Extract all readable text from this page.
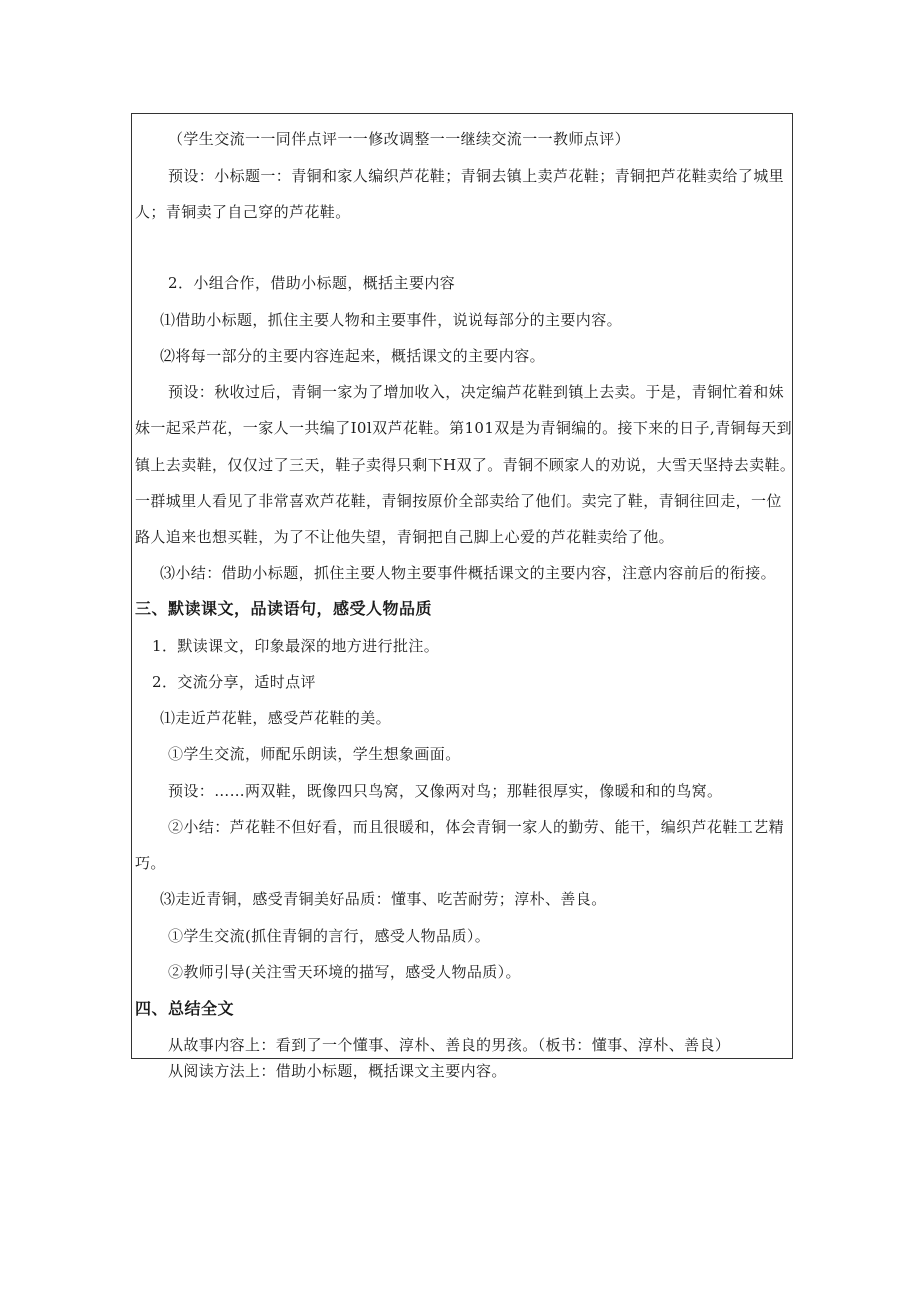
（学生交流一一同伴点评一一修改调整一一继续交流一一教师点评）
预设：小标题一：青铜和家人编织芦花鞋；青铜去镇上卖芦花鞋；青铜把芦花鞋卖给了城里
人；青铜卖了自己穿的芦花鞋。
2．小组合作，借助小标题，概括主要内容
⑴借助小标题，抓住主要人物和主要事件，说说每部分的主要内容。
⑵将每一部分的主要内容连起来，概括课文的主要内容。
预设：秋收过后，青铜一家为了增加收入，决定编芦花鞋到镇上去卖。于是，青铜忙着和妹
妹一起采芦花，一家人一共编了I0l双芦花鞋。第101双是为青铜编的。接下来的日子,青铜每天到
镇上去卖鞋，仅仅过了三天，鞋子卖得只剩下H双了。青铜不顾家人的劝说，大雪天坚持去卖鞋。
一群城里人看见了非常喜欢芦花鞋，青铜按原价全部卖给了他们。卖完了鞋，青铜往回走，一位
路人追来也想买鞋，为了不让他失望，青铜把自己脚上心爱的芦花鞋卖给了他。
⑶小结：借助小标题，抓住主要人物主要事件概括课文的主要内容，注意内容前后的衔接。
三、默读课文，品读语句，感受人物品质
1．默读课文，印象最深的地方进行批注。
2．交流分享，适时点评
⑴走近芦花鞋，感受芦花鞋的美。
①学生交流，师配乐朗读，学生想象画面。
预设：……两双鞋，既像四只鸟窝，又像两对鸟；那鞋很厚实，像暖和和的鸟窝。
②小结：芦花鞋不但好看，而且很暖和，体会青铜一家人的勤劳、能干，编织芦花鞋工艺精
巧。
⑶走近青铜，感受青铜美好品质：懂事、吃苦耐劳；淳朴、善良。
①学生交流(抓住青铜的言行，感受人物品质）。
②教师引导(关注雪天环境的描写，感受人物品质）。
四、总结全文
从故事内容上：看到了一个懂事、淳朴、善良的男孩。（板书：懂事、淳朴、善良）
从阅读方法上：借助小标题，概括课文主要内容。
